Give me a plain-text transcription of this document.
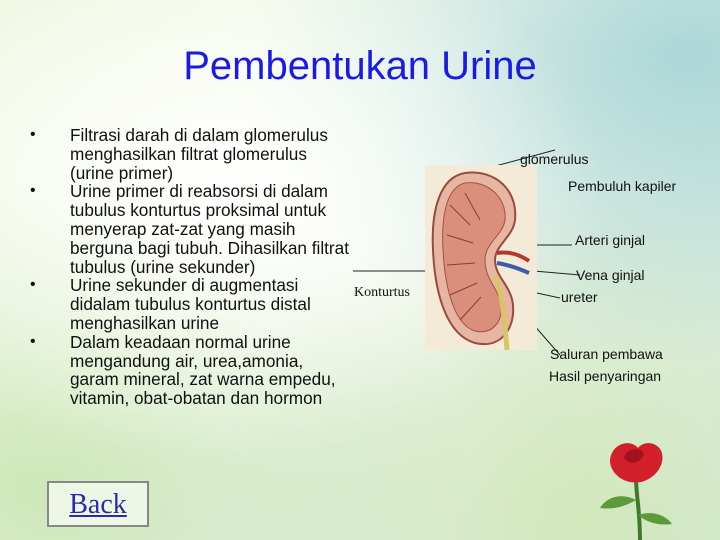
Pembentukan Urine
• Filtrasi darah di dalam glomerulus menghasilkan filtrat glomerulus (urine primer)
• Urine primer di reabsorsi di dalam tubulus konturtus proksimal untuk menyerap zat-zat yang masih berguna bagi tubuh. Dihasilkan filtrat tubulus (urine sekunder)
• Urine sekunder di augmentasi didalam tubulus konturtus distal menghasilkan urine
• Dalam keadaan normal urine mengandung air, urea,amonia, garam mineral, zat warna empedu, vitamin, obat-obatan dan hormon
Konturtus
glomerulus
Pembuluh kapiler
Arteri ginjal
Vena ginjal
ureter
Saluran pembawa
Hasil penyaringan
Back
